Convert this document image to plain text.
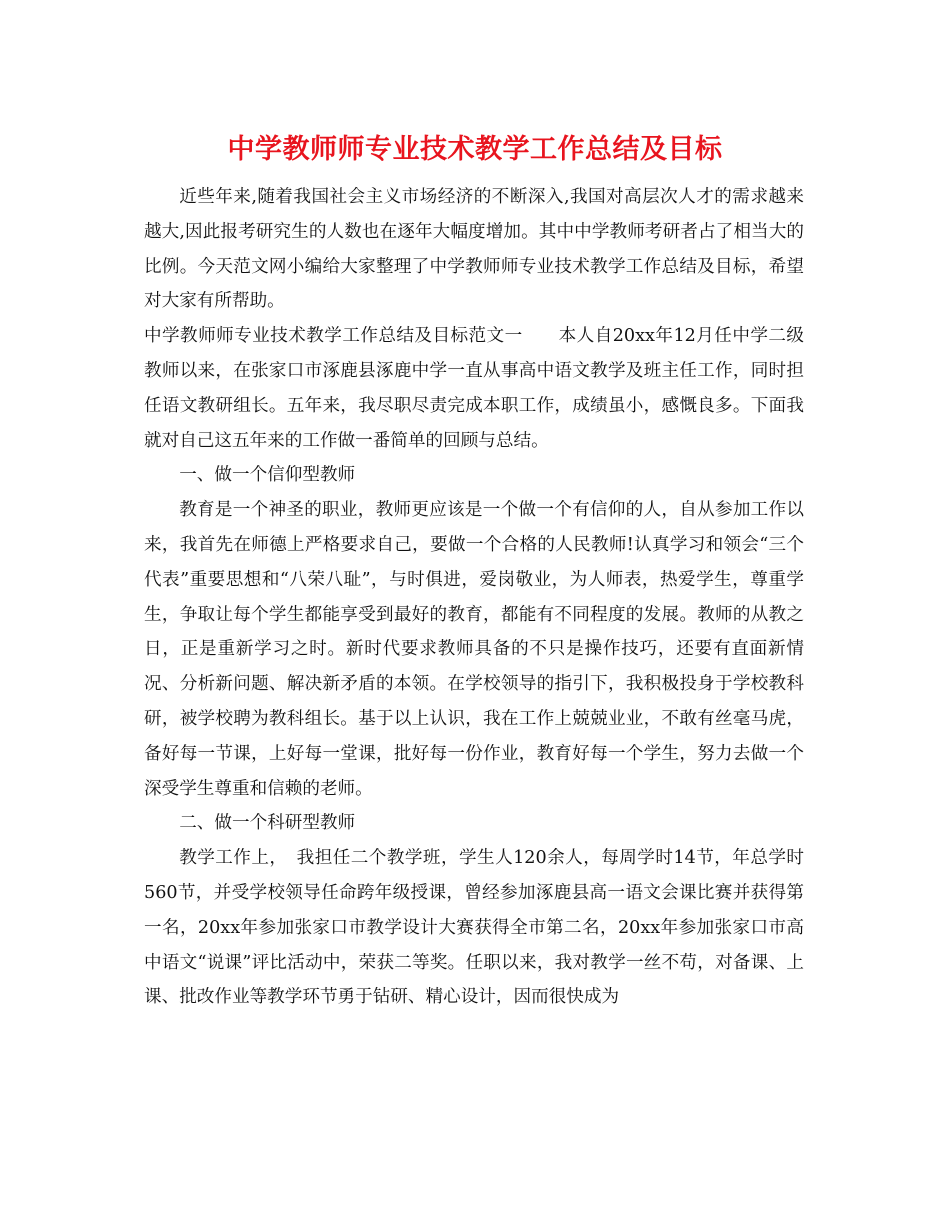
中学教师师专业技术教学工作总结及目标

近些年来,随着我国社会主义市场经济的不断深入,我国对高层次人才的需求越来越大,因此报考研究生的人数也在逐年大幅度增加。其中中学教师考研者占了相当大的比例。今天范文网小编给大家整理了中学教师师专业技术教学工作总结及目标，希望对大家有所帮助。

中学教师师专业技术教学工作总结及目标范文一　　本人自20xx年12月任中学二级教师以来，在张家口市涿鹿县涿鹿中学一直从事高中语文教学及班主任工作，同时担任语文教研组长。五年来，我尽职尽责完成本职工作，成绩虽小，感慨良多。下面我就对自己这五年来的工作做一番简单的回顾与总结。

一、做一个信仰型教师

教育是一个神圣的职业，教师更应该是一个做一个有信仰的人，自从参加工作以来，我首先在师德上严格要求自己，要做一个合格的人民教师!认真学习和领会“三个代表”重要思想和“八荣八耻”，与时俱进，爱岗敬业，为人师表，热爱学生，尊重学生，争取让每个学生都能享受到最好的教育，都能有不同程度的发展。教师的从教之日，正是重新学习之时。新时代要求教师具备的不只是操作技巧，还要有直面新情况、分析新问题、解决新矛盾的本领。在学校领导的指引下，我积极投身于学校教科研，被学校聘为教科组长。基于以上认识，我在工作上兢兢业业，不敢有丝毫马虎，备好每一节课，上好每一堂课，批好每一份作业，教育好每一个学生，努力去做一个深受学生尊重和信赖的老师。

二、做一个科研型教师

教学工作上，　我担任二个教学班，学生人120余人，每周学时14节，年总学时560节，并受学校领导任命跨年级授课，曾经参加涿鹿县高一语文会课比赛并获得第一名，20xx年参加张家口市教学设计大赛获得全市第二名，20xx年参加张家口市高中语文“说课”评比活动中，荣获二等奖。任职以来，我对教学一丝不苟，对备课、上课、批改作业等教学环节勇于钻研、精心设计，因而很快成为
